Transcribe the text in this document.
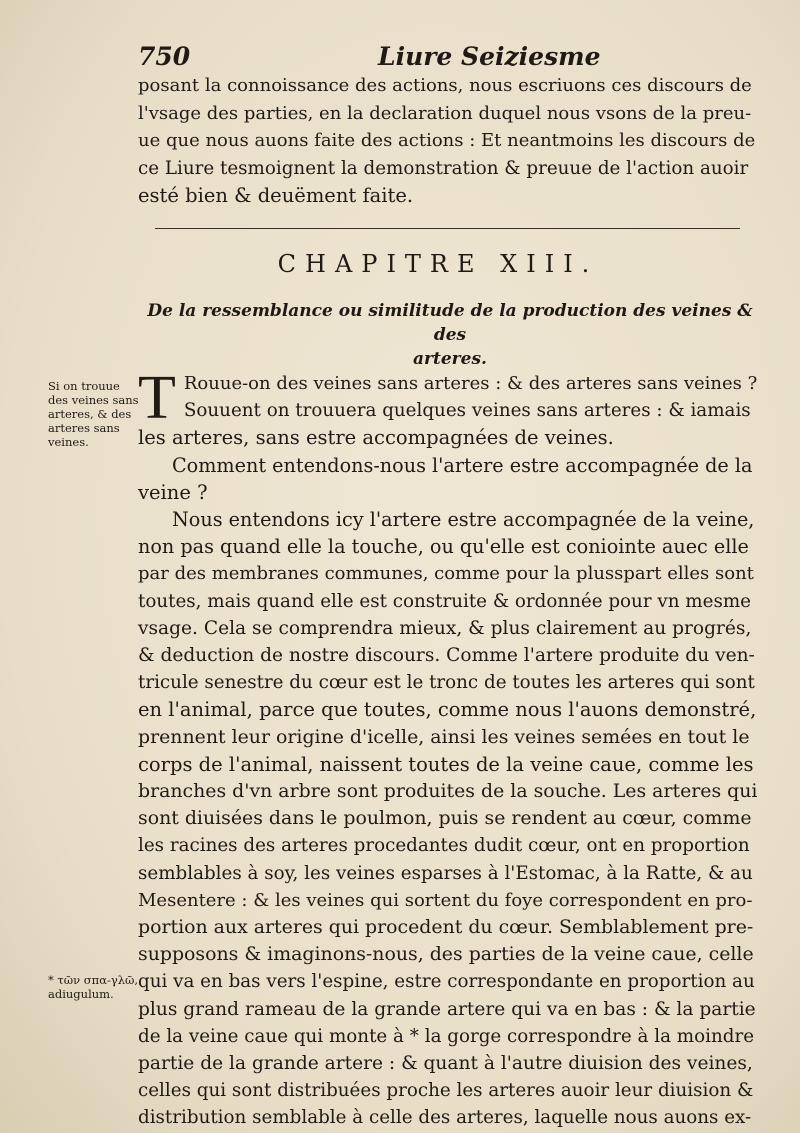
750	Liure Seiziesme
posant la connoissance des actions, nous escriuons ces discours de
l'vsage des parties, en la declaration duquel nous vsons de la preu-
ue que nous auons faite des actions : Et neantmoins les discours de
ce Liure tesmoignent la demonstration & preuue de l'action auoir
esté bien & deuëment faite.
CHAPITRE XIII.
De la ressemblance ou similitude de la production des veines & des
arteres.
Si on trouue des veines sans arteres, & des arteres sans veines.
* τῶν σπα-γλῶ, adiugulum.
T Rouue-on des veines sans arteres : & des arteres sans veines ?
Souuent on trouuera quelques veines sans arteres : & iamais
les arteres, sans estre accompagnées de veines.
Comment entendons-nous l'artere estre accompagnée de la
veine ?
Nous entendons icy l'artere estre accompagnée de la veine,
non pas quand elle la touche, ou qu'elle est coniointe auec elle
par des membranes communes, comme pour la plusspart elles sont
toutes, mais quand elle est construite & ordonnée pour vn mesme
vsage. Cela se comprendra mieux, & plus clairement au progrés,
& deduction de nostre discours. Comme l'artere produite du ven-
tricule senestre du cœur est le tronc de toutes les arteres qui sont
en l'animal, parce que toutes, comme nous l'auons demonstré,
prennent leur origine d'icelle, ainsi les veines semées en tout le
corps de l'animal, naissent toutes de la veine caue, comme les
branches d'vn arbre sont produites de la souche. Les arteres qui
sont diuisées dans le poulmon, puis se rendent au cœur, comme
les racines des arteres procedantes dudit cœur, ont en proportion
semblables à soy, les veines esparses à l'Estomac, à la Ratte, & au
Mesentere : & les veines qui sortent du foye correspondent en pro-
portion aux arteres qui procedent du cœur. Semblablement pre-
supposons & imaginons-nous, des parties de la veine caue, celle
qui va en bas vers l'espine, estre correspondante en proportion au
plus grand rameau de la grande artere qui va en bas : & la partie
de la veine caue qui monte à * la gorge correspondre à la moindre
partie de la grande artere : & quant à l'autre diuision des veines,
celles qui sont distribuées proche les arteres auoir leur diuision &
distribution semblable à celle des arteres, laquelle nous auons ex-
